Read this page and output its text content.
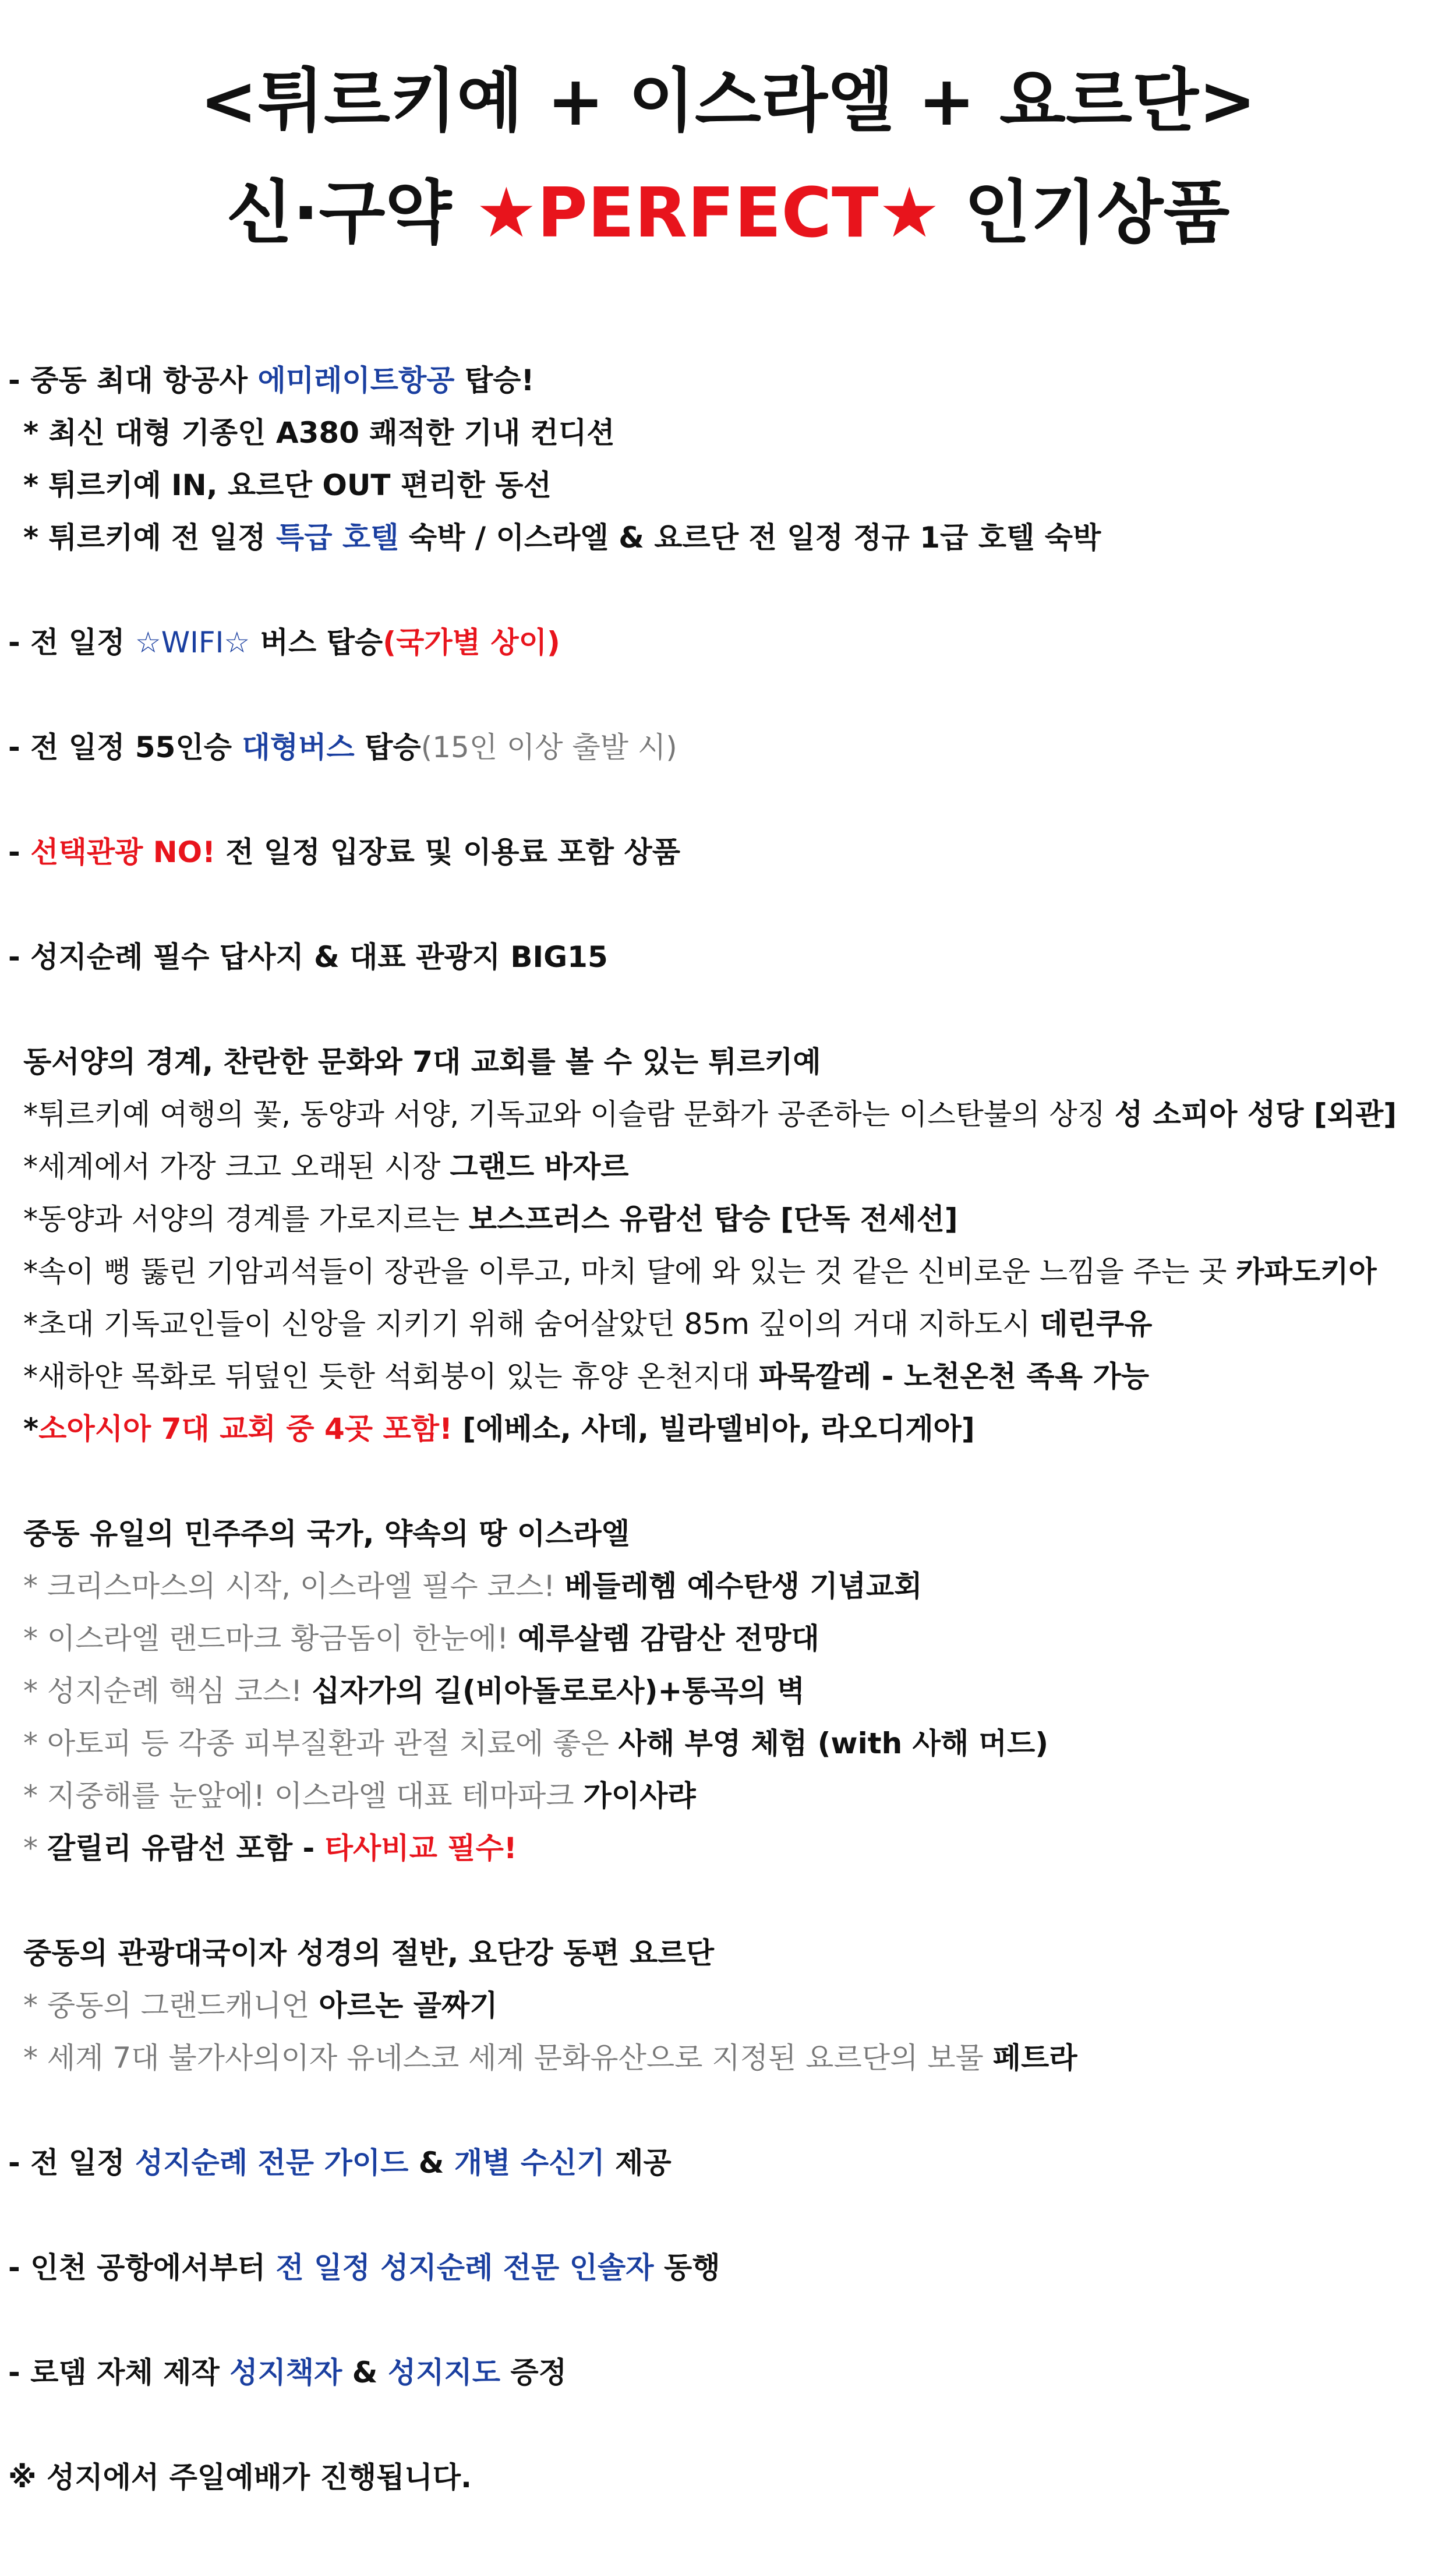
<튀르키예 + 이스라엘 + 요르단>
신·구약 ★PERFECT★ 인기상품
- 중동 최대 항공사 에미레이트항공 탑승!
* 최신 대형 기종인 A380 쾌적한 기내 컨디션
* 튀르키예 IN, 요르단 OUT 편리한 동선
* 튀르키예 전 일정 특급 호텔 숙박 / 이스라엘 & 요르단 전 일정 정규 1급 호텔 숙박
- 전 일정 ☆WIFI☆ 버스 탑승(국가별 상이)
- 전 일정 55인승 대형버스 탑승(15인 이상 출발 시)
- 선택관광 NO! 전 일정 입장료 및 이용료 포함 상품
- 성지순례 필수 답사지 & 대표 관광지 BIG15
동서양의 경계, 찬란한 문화와 7대 교회를 볼 수 있는 튀르키예
*튀르키예 여행의 꽃, 동양과 서양, 기독교와 이슬람 문화가 공존하는 이스탄불의 상징 성 소피아 성당 [외관]
*세계에서 가장 크고 오래된 시장 그랜드 바자르
*동양과 서양의 경계를 가로지르는 보스프러스 유람선 탑승 [단독 전세선]
*속이 뻥 뚫린 기암괴석들이 장관을 이루고, 마치 달에 와 있는 것 같은 신비로운 느낌을 주는 곳 카파도키아
*초대 기독교인들이 신앙을 지키기 위해 숨어살았던 85m 깊이의 거대 지하도시 데린쿠유
*새하얀 목화로 뒤덮인 듯한 석회붕이 있는 휴양 온천지대 파묵깔레 - 노천온천 족욕 가능
*소아시아 7대 교회 중 4곳 포함! [에베소, 사데, 빌라델비아, 라오디게아]
중동 유일의 민주주의 국가, 약속의 땅 이스라엘
* 크리스마스의 시작, 이스라엘 필수 코스! 베들레헴 예수탄생 기념교회
* 이스라엘 랜드마크 황금돔이 한눈에! 예루살렘 감람산 전망대
* 성지순례 핵심 코스! 십자가의 길(비아돌로로사)+통곡의 벽
* 아토피 등 각종 피부질환과 관절 치료에 좋은 사해 부영 체험 (with 사해 머드)
* 지중해를 눈앞에! 이스라엘 대표 테마파크 가이사랴
* 갈릴리 유람선 포함 - 타사비교 필수!
중동의 관광대국이자 성경의 절반, 요단강 동편 요르단
* 중동의 그랜드캐니언 아르논 골짜기
* 세계 7대 불가사의이자 유네스코 세계 문화유산으로 지정된 요르단의 보물 페트라
- 전 일정 성지순례 전문 가이드 & 개별 수신기 제공
- 인천 공항에서부터 전 일정 성지순례 전문 인솔자 동행
- 로뎀 자체 제작 성지책자 & 성지지도 증정
※ 성지에서 주일예배가 진행됩니다.
